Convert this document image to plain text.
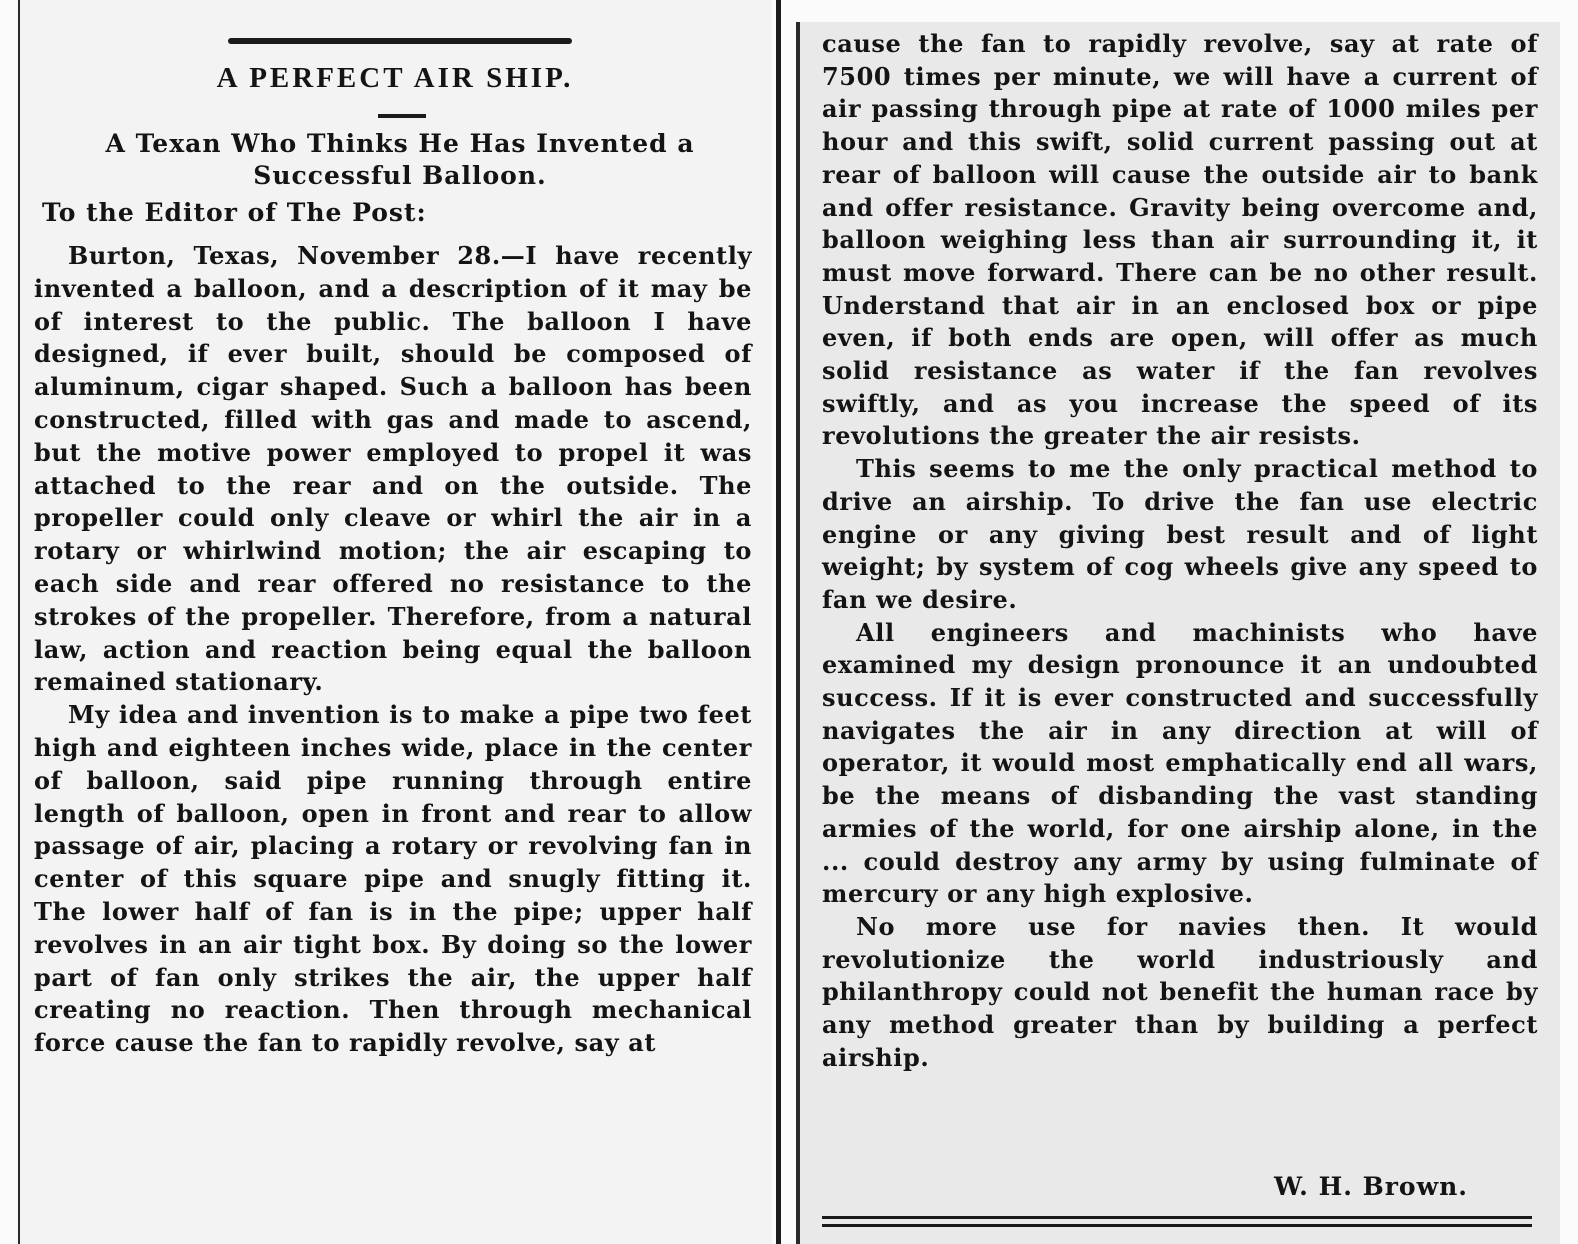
A PERFECT AIR SHIP.
A Texan Who Thinks He Has Invented a Successful Balloon.
To the Editor of The Post:

Burton, Texas, November 28.—I have recently invented a balloon, and a description of it may be of interest to the public. The balloon I have designed, if ever built, should be composed of aluminum, cigar shaped. Such a balloon has been constructed, filled with gas and made to ascend, but the motive power employed to propel it was attached to the rear and on the outside. The propeller could only cleave or whirl the air in a rotary or whirlwind motion; the air escaping to each side and rear offered no resistance to the strokes of the propeller. Therefore, from a natural law, action and reaction being equal the balloon remained stationary.

My idea and invention is to make a pipe two feet high and eighteen inches wide, place in the center of balloon, said pipe running through entire length of balloon, open in front and rear to allow passage of air, placing a rotary or revolving fan in center of this square pipe and snugly fitting it. The lower half of fan is in the pipe; upper half revolves in an air tight box. By doing so the lower part of fan only strikes the air, the upper half creating no reaction. Then through mechanical force cause the fan to rapidly revolve, say at

cause the fan to rapidly revolve, say at rate of 7500 times per minute, we will have a current of air passing through pipe at rate of 1000 miles per hour and this swift, solid current passing out at rear of balloon will cause the outside air to bank and offer resistance. Gravity being overcome and, balloon weighing less than air surrounding it, it must move forward. There can be no other result. Understand that air in an enclosed box or pipe even, if both ends are open, will offer as much solid resistance as water if the fan revolves swiftly, and as you increase the speed of its revolutions the greater the air resists.

This seems to me the only practical method to drive an airship. To drive the fan use electric engine or any giving best result and of light weight; by system of cog wheels give any speed to fan we desire.

All engineers and machinists who have examined my design pronounce it an undoubted success. If it is ever constructed and successfully navigates the air in any direction at will of operator, it would most emphatically end all wars, be the means of disbanding the vast standing armies of the world, for one airship alone, in the ... could destroy any army by using fulminate of mercury or any high explosive.

No more use for navies then. It would revolutionize the world industriously and philanthropy could not benefit the human race by any method greater than by building a perfect airship.

W. H. Brown.
